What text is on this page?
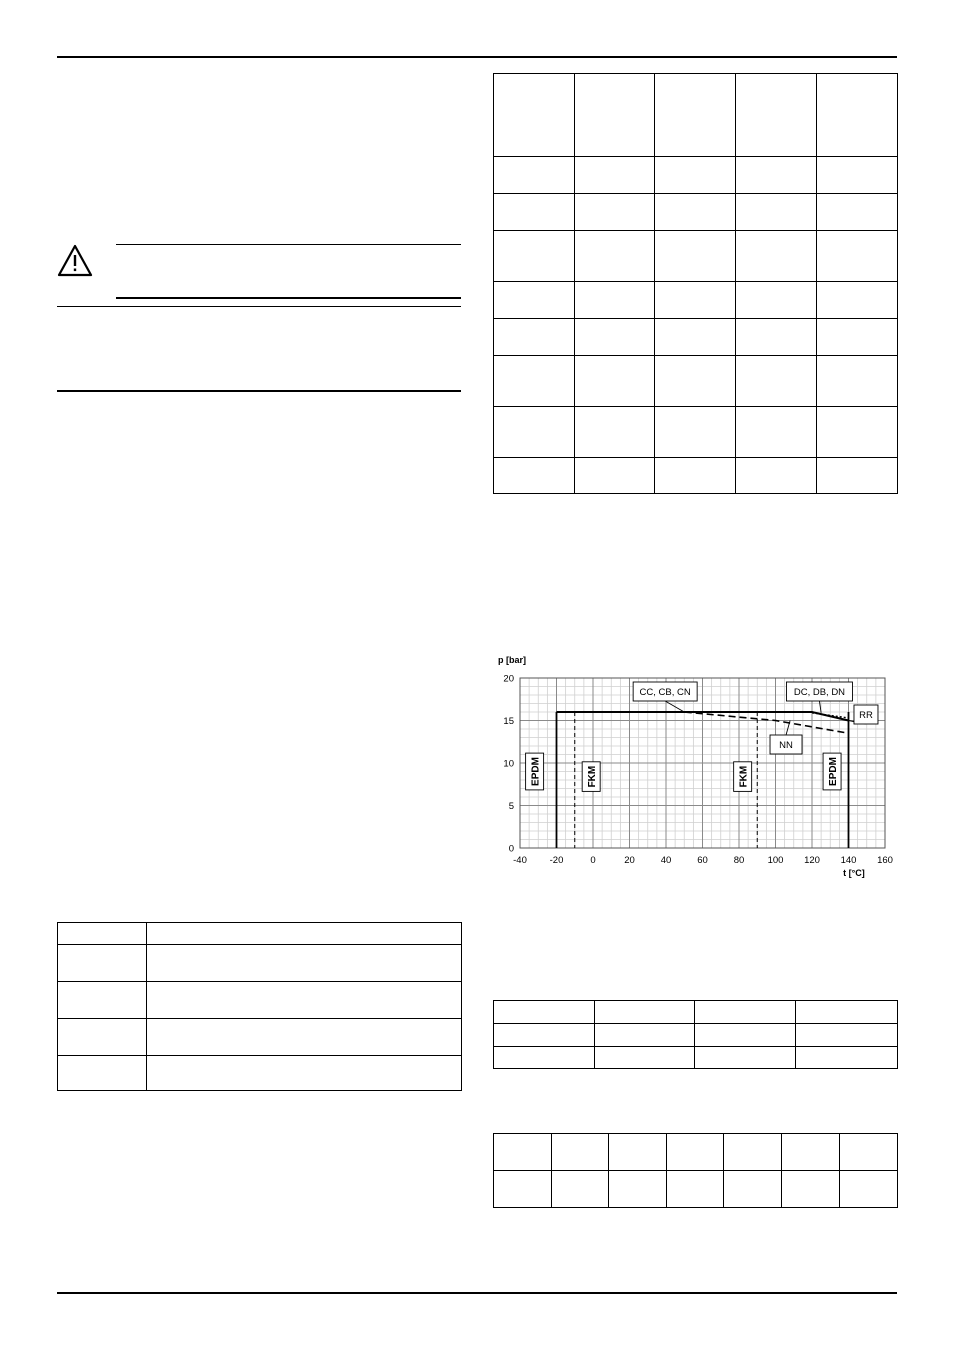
-40 -20	0	20	40	60	80 100 120 140 160
0
5
10
15
20
p [bar]
t [°C]
CC, CB, CN	DC, DB, DN
RR
NN
EPDM	FKM	FKM	EPDM
